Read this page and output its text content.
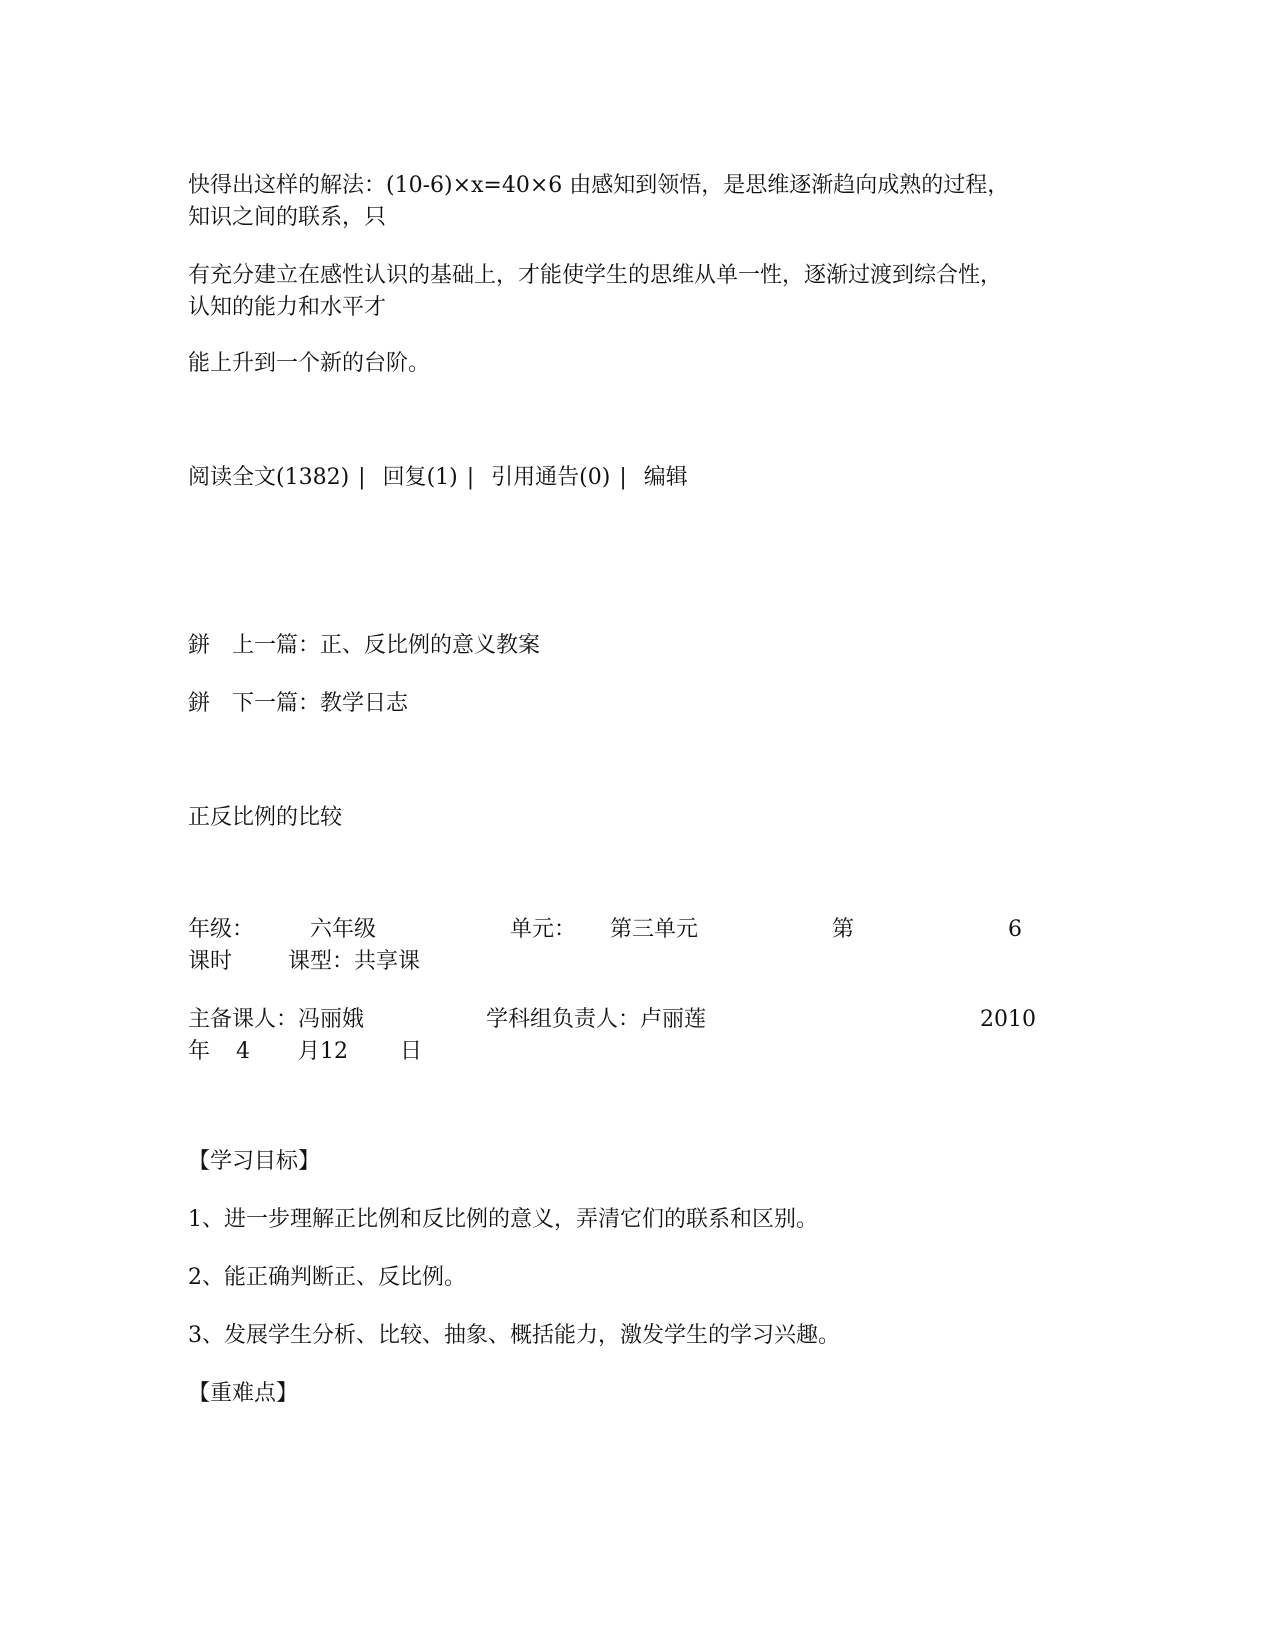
快得出这样的解法：(10-6)×x=40×6 由感知到领悟，是思维逐渐趋向成熟的过程，
知识之间的联系，只
有充分建立在感性认识的基础上，才能使学生的思维从单一性，逐渐过渡到综合性，
认知的能力和水平才
能上升到一个新的台阶。
阅读全文(1382) | 回复(1) | 引用通告(0) | 编辑
鉼 上一篇：正、反比例的意义教案
鉼 下一篇：教学日志
正反比例的比较
年级：	六年级	单元： 第三单元	第	6
课时	课型：共享课
主备课人：冯丽娥	学科组负责人：卢丽莲	2010
年 4 月12 日
【学习目标】
1、进一步理解正比例和反比例的意义，弄清它们的联系和区别。
2、能正确判断正、反比例。
3、发展学生分析、比较、抽象、概括能力，激发学生的学习兴趣。
【重难点】
